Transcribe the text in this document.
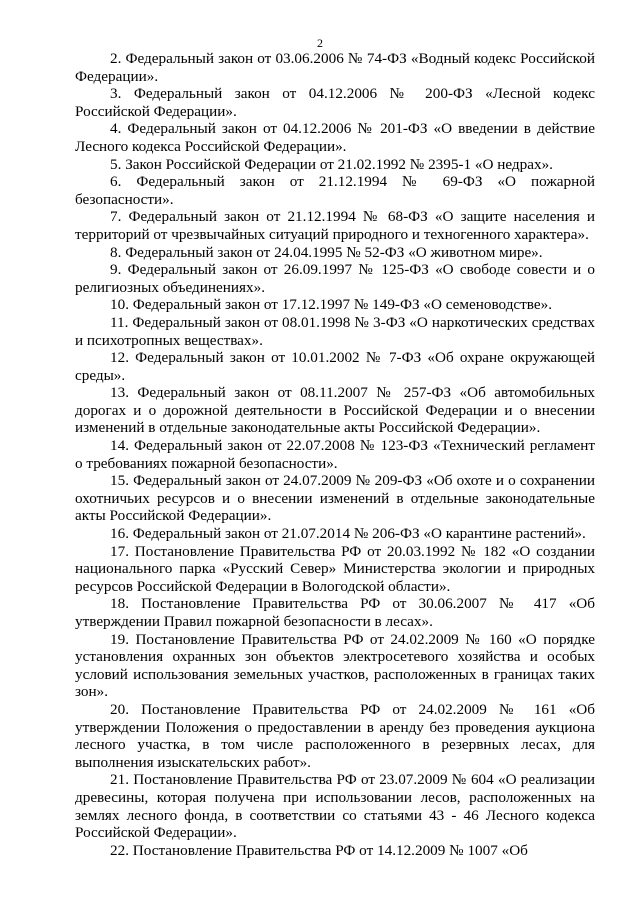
2

2. Федеральный закон от 03.06.2006 № 74-ФЗ «Водный кодекс Российской Федерации».

3. Федеральный закон от 04.12.2006 № 200-ФЗ «Лесной кодекс Российской Федерации».

4. Федеральный закон от 04.12.2006 № 201-ФЗ «О введении в действие Лесного кодекса Российской Федерации».

5. Закон Российской Федерации от 21.02.1992 № 2395-1 «О недрах».

6. Федеральный закон от 21.12.1994 № 69-ФЗ «О пожарной безопасности».

7. Федеральный закон от 21.12.1994 № 68-ФЗ «О защите населения и территорий от чрезвычайных ситуаций природного и техногенного характера».

8. Федеральный закон от 24.04.1995 № 52-ФЗ «О животном мире».

9. Федеральный закон от 26.09.1997 № 125-ФЗ «О свободе совести и о религиозных объединениях».

10. Федеральный закон от 17.12.1997 № 149-ФЗ «О семеноводстве».

11. Федеральный закон от 08.01.1998 № 3-ФЗ «О наркотических средствах и психотропных веществах».

12. Федеральный закон от 10.01.2002 № 7-ФЗ «Об охране окружающей среды».

13. Федеральный закон от 08.11.2007 № 257-ФЗ «Об автомобильных дорогах и о дорожной деятельности в Российской Федерации и о внесении изменений в отдельные законодательные акты Российской Федерации».

14. Федеральный закон от 22.07.2008 № 123-ФЗ «Технический регламент о требованиях пожарной безопасности».

15. Федеральный закон от 24.07.2009 № 209-ФЗ «Об охоте и о сохранении охотничьих ресурсов и о внесении изменений в отдельные законодательные акты Российской Федерации».

16. Федеральный закон от 21.07.2014 № 206-ФЗ «О карантине растений».

17. Постановление Правительства РФ от 20.03.1992 № 182 «О создании национального парка «Русский Север» Министерства экологии и природных ресурсов Российской Федерации в Вологодской области».

18. Постановление Правительства РФ от 30.06.2007 № 417 «Об утверждении Правил пожарной безопасности в лесах».

19. Постановление Правительства РФ от 24.02.2009 № 160 «О порядке установления охранных зон объектов электросетевого хозяйства и особых условий использования земельных участков, расположенных в границах таких зон».

20. Постановление Правительства РФ от 24.02.2009 № 161 «Об утверждении Положения о предоставлении в аренду без проведения аукциона лесного участка, в том числе расположенного в резервных лесах, для выполнения изыскательских работ».

21. Постановление Правительства РФ от 23.07.2009 № 604 «О реализации древесины, которая получена при использовании лесов, расположенных на землях лесного фонда, в соответствии со статьями 43 - 46 Лесного кодекса Российской Федерации».

22. Постановление Правительства РФ от 14.12.2009 № 1007 «Об
